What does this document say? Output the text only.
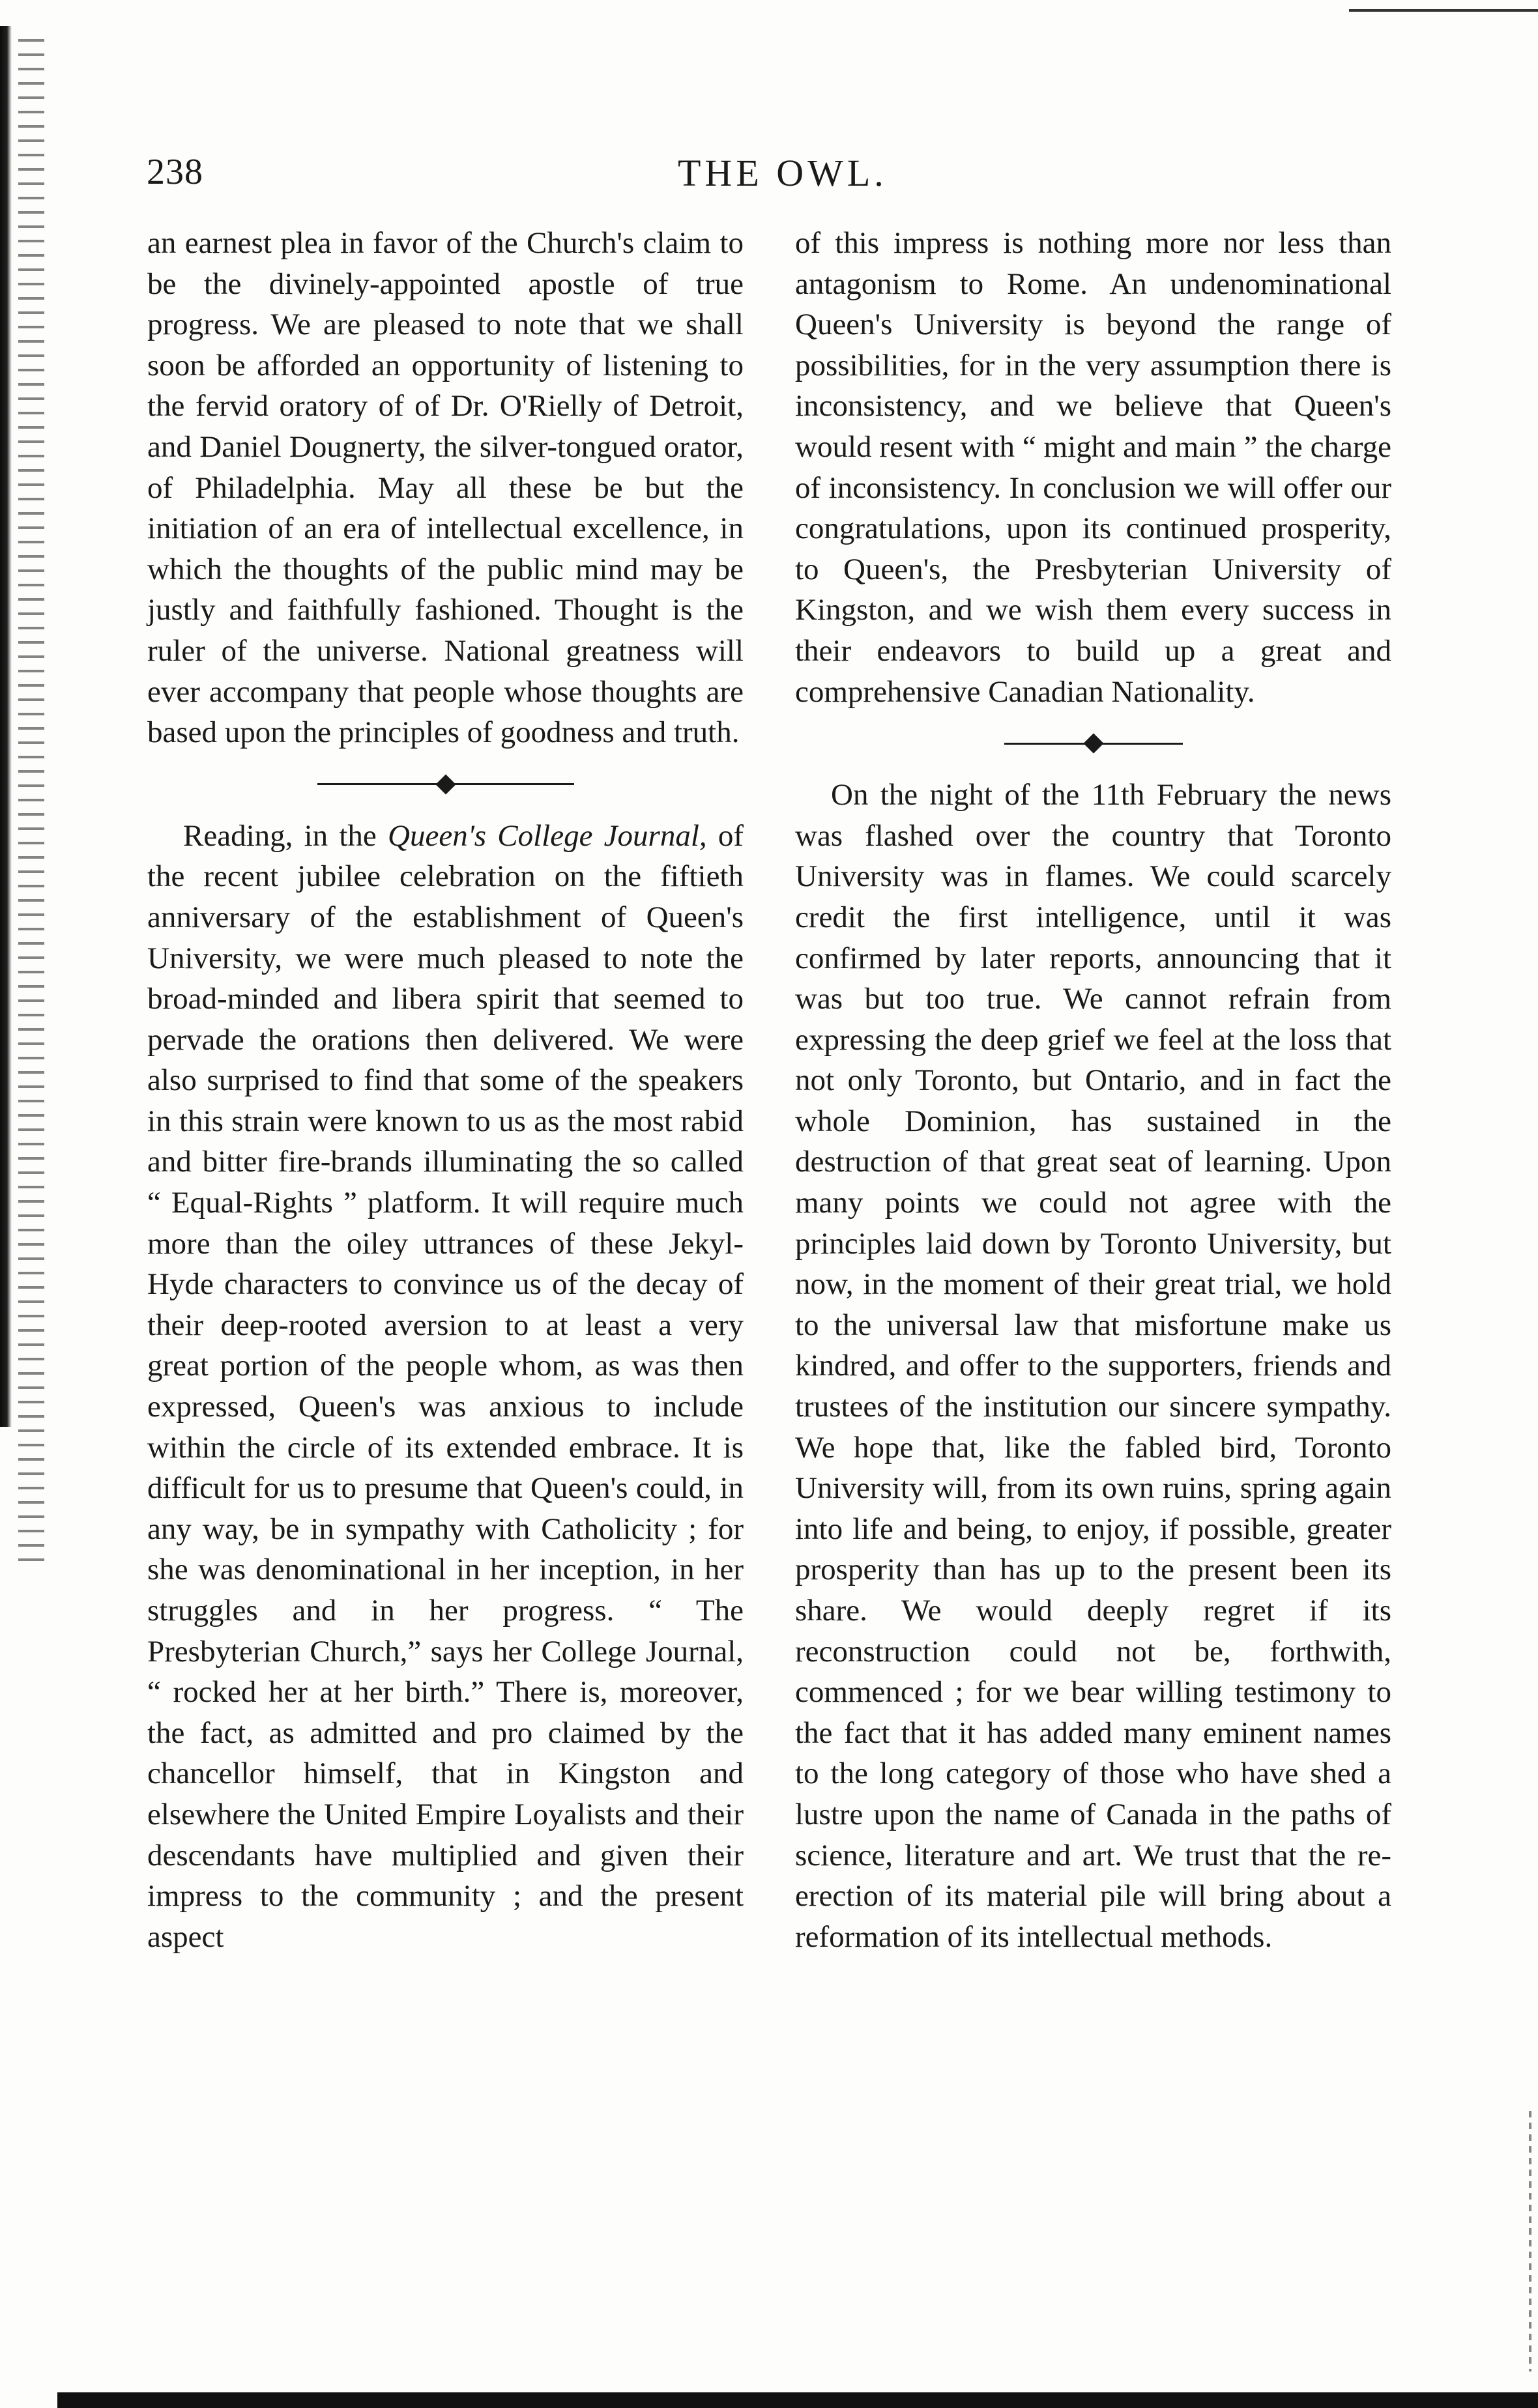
238	THE OWL.

an earnest plea in favor of the Church's claim to be the divinely-appointed apostle of true progress. We are pleased to note that we shall soon be afforded an opportunity of listening to the fervid oratory of of Dr. O'Rielly of Detroit, and Daniel Dougnerty, the silver-tongued orator, of Philadelphia. May all these be but the initiation of an era of intellectual excellence, in which the thoughts of the public mind may be justly and faithfully fashioned. Thought is the ruler of the universe. National greatness will ever accompany that people whose thoughts are based upon the principles of goodness and truth.

Reading, in the Queen's College Journal, of the recent jubilee celebration on the fiftieth anniversary of the establishment of Queen's University, we were much pleased to note the broad-minded and libera spirit that seemed to pervade the orations then delivered. We were also surprised to find that some of the speakers in this strain were known to us as the most rabid and bitter fire-brands illuminating the so called “ Equal-Rights ” platform. It will require much more than the oiley uttrances of these Jekyl-Hyde characters to convince us of the decay of their deep-rooted aversion to at least a very great portion of the people whom, as was then expressed, Queen's was anxious to include within the circle of its extended embrace. It is difficult for us to presume that Queen's could, in any way, be in sympathy with Catholicity ; for she was denominational in her inception, in her struggles and in her progress. “ The Presbyterian Church,” says her College Journal, “ rocked her at her birth.” There is, moreover, the fact, as admitted and pro claimed by the chancellor himself, that in Kingston and elsewhere the United Empire Loyalists and their descendants have multiplied and given their impress to the community ; and the present aspect

of this impress is nothing more nor less than antagonism to Rome. An undenominational Queen's University is beyond the range of possibilities, for in the very assumption there is inconsistency, and we believe that Queen's would resent with “ might and main ” the charge of inconsistency. In conclusion we will offer our congratulations, upon its continued prosperity, to Queen's, the Presbyterian University of Kingston, and we wish them every success in their endeavors to build up a great and comprehensive Canadian Nationality.

On the night of the 11th February the news was flashed over the country that Toronto University was in flames. We could scarcely credit the first intelligence, until it was confirmed by later reports, announcing that it was but too true. We cannot refrain from expressing the deep grief we feel at the loss that not only Toronto, but Ontario, and in fact the whole Dominion, has sustained in the destruction of that great seat of learning. Upon many points we could not agree with the principles laid down by Toronto University, but now, in the moment of their great trial, we hold to the universal law that misfortune make us kindred, and offer to the supporters, friends and trustees of the institution our sincere sympathy. We hope that, like the fabled bird, Toronto University will, from its own ruins, spring again into life and being, to enjoy, if possible, greater prosperity than has up to the present been its share. We would deeply regret if its reconstruction could not be, forthwith, commenced ; for we bear willing testimony to the fact that it has added many eminent names to the long category of those who have shed a lustre upon the name of Canada in the paths of science, literature and art. We trust that the re-erection of its material pile will bring about a reformation of its intellectual methods.
